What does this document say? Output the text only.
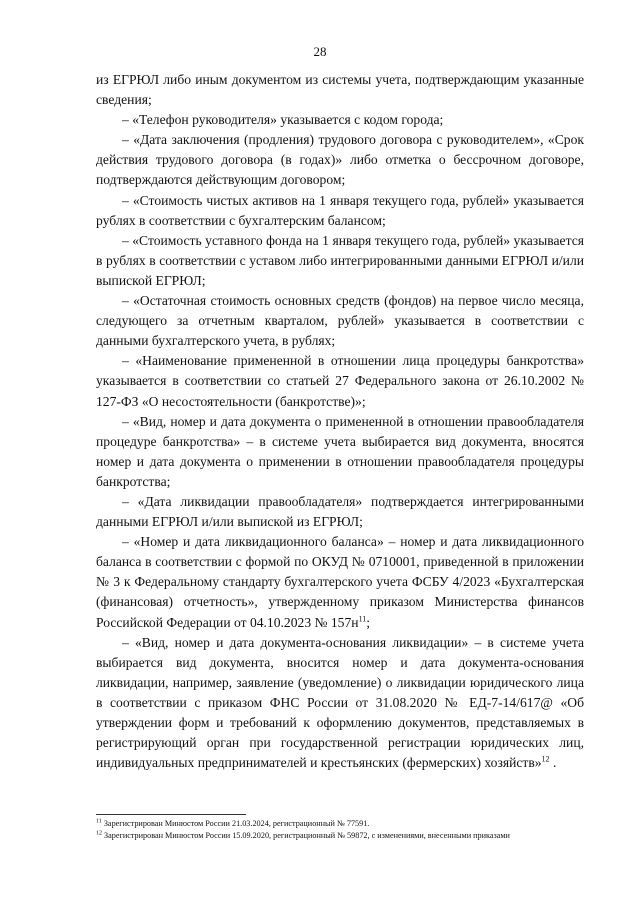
28

из ЕГРЮЛ либо иным документом из системы учета, подтверждающим указанные сведения;

– «Телефон руководителя» указывается с кодом города;

– «Дата заключения (продления) трудового договора с руководителем», «Срок действия трудового договора (в годах)» либо отметка о бессрочном договоре, подтверждаются действующим договором;

– «Стоимость чистых активов на 1 января текущего года, рублей» указывается рублях в соответствии с бухгалтерским балансом;

– «Стоимость уставного фонда на 1 января текущего года, рублей» указывается в рублях в соответствии с уставом либо интегрированными данными ЕГРЮЛ и/или выпиской ЕГРЮЛ;

– «Остаточная стоимость основных средств (фондов) на первое число месяца, следующего за отчетным кварталом, рублей» указывается в соответствии с данными бухгалтерского учета, в рублях;

– «Наименование примененной в отношении лица процедуры банкротства» указывается в соответствии со статьей 27 Федерального закона от 26.10.2002 № 127-ФЗ «О несостоятельности (банкротстве)»;

– «Вид, номер и дата документа о примененной в отношении правообладателя процедуре банкротства» – в системе учета выбирается вид документа, вносятся номер и дата документа о применении в отношении правообладателя процедуры банкротства;

– «Дата ликвидации правообладателя» подтверждается интегрированными данными ЕГРЮЛ и/или выпиской из ЕГРЮЛ;

– «Номер и дата ликвидационного баланса» – номер и дата ликвидационного баланса в соответствии с формой по ОКУД № 0710001, приведенной в приложении № 3 к Федеральному стандарту бухгалтерского учета ФСБУ 4/2023 «Бухгалтерская (финансовая) отчетность», утвержденному приказом Министерства финансов Российской Федерации от 04.10.2023 № $157н^{11}$;

– «Вид, номер и дата документа-основания ликвидации» – в системе учета выбирается вид документа, вносится номер и дата документа-основания ликвидации, например, заявление (уведомление) о ликвидации юридического лица в соответствии с приказом ФНС России от 31.08.2020 № ЕД-7-14/617@ «Об утверждении форм и требований к оформлению документов, представляемых в регистрирующий орган при государственной регистрации юридических лиц, индивидуальных предпринимателей и крестьянских (фермерских) хозяйств»$^{12}$ .

$^{11}$ Зарегистрирован Минюстом России 21.03.2024, регистрационный № 77591.
$^{12}$ Зарегистрирован Минюстом России 15.09.2020, регистрационный № 59872, с изменениями, внесенными приказами
